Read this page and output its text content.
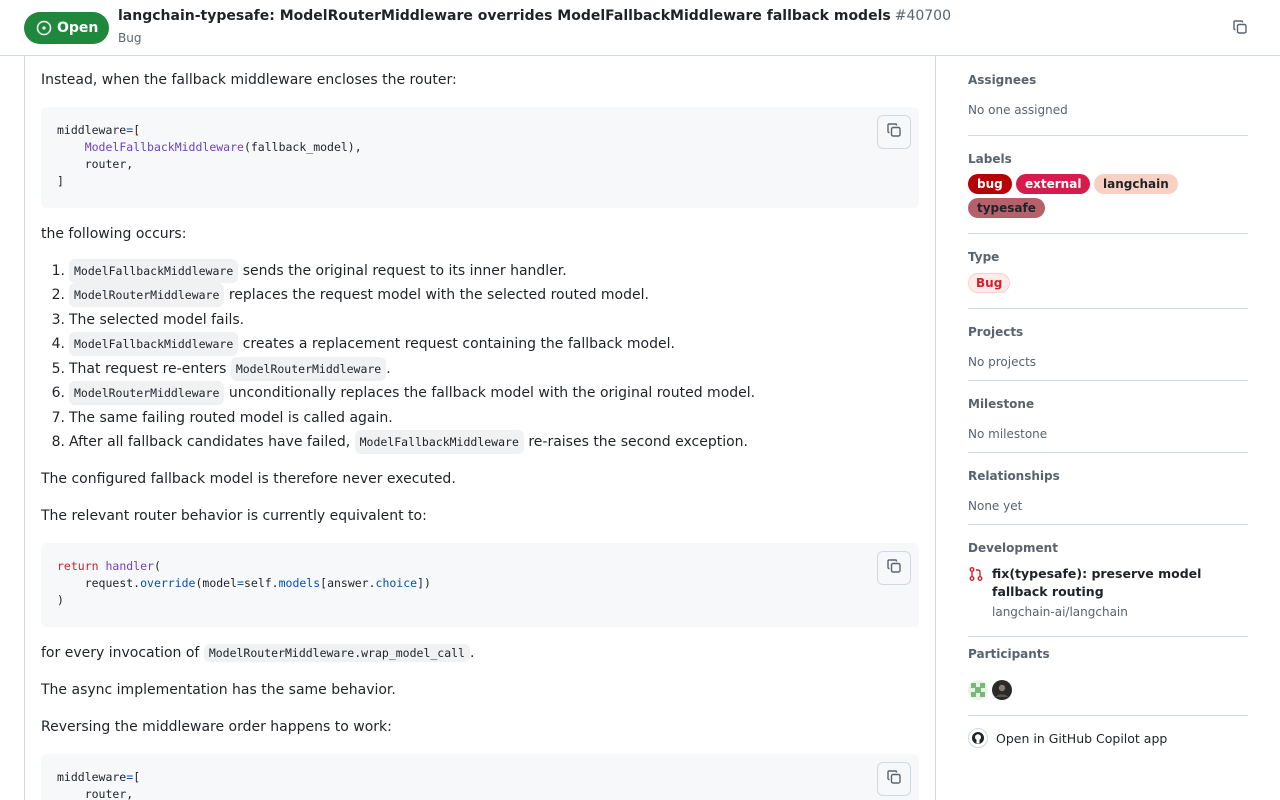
Open
langchain-typesafe: ModelRouterMiddleware overrides ModelFallbackMiddleware fallback models #40700
Bug
Instead, when the fallback middleware encloses the router:
middleware=[
ModelFallbackMiddleware(fallback_model),
router,
]
the following occurs:
1. ModelFallbackMiddleware sends the original request to its inner handler.
2. ModelRouterMiddleware replaces the request model with the selected routed model.
3. The selected model fails.
4. ModelFallbackMiddleware creates a replacement request containing the fallback model.
5. That request re-enters ModelRouterMiddleware .
6. ModelRouterMiddleware unconditionally replaces the fallback model with the original routed model.
7. The same failing routed model is called again.
8. After all fallback candidates have failed, ModelFallbackMiddleware re-raises the second exception.
The configured fallback model is therefore never executed.
The relevant router behavior is currently equivalent to:
return handler(
request.override(model=self.models[answer.choice])
)
for every invocation of ModelRouterMiddleware.wrap_model_call .
The async implementation has the same behavior.
Reversing the middleware order happens to work:
middleware=[
router,
Assignees
No one assigned
Labels
bug external langchain
typesafe
Type
Bug
Projects
No projects
Milestone
No milestone
Relationships
None yet
Development
fix(typesafe): preserve model fallback routing
langchain-ai/langchain
Participants
Open in GitHub Copilot app
